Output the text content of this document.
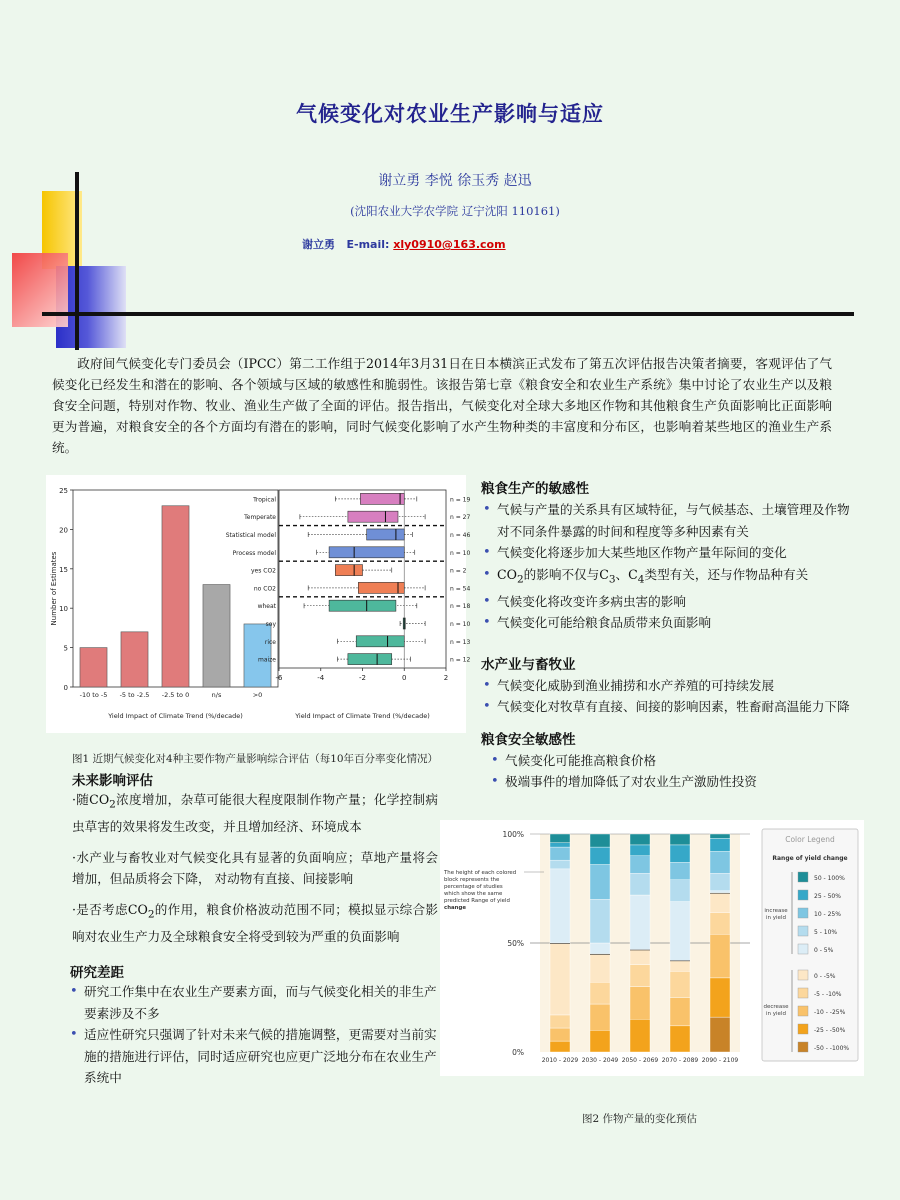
气候变化对农业生产影响与适应
谢立勇 李悦 徐玉秀 赵迅
(沈阳农业大学农学院 辽宁沈阳 110161)
谢立勇 E-mail: xly0910@163.com
政府间气候变化专门委员会（IPCC）第二工作组于2014年3月31日在日本横滨正式发布了第五次评估报告决策者摘要，客观评估了气候变化已经发生和潜在的影响、各个领域与区域的敏感性和脆弱性。该报告第七章《粮食安全和农业生产系统》集中讨论了农业生产以及粮食安全问题，特别对作物、牧业、渔业生产做了全面的评估。报告指出，气候变化对全球大多地区作物和其他粮食生产负面影响比正面影响更为普遍，对粮食安全的各个方面均有潜在的影响，同时气候变化影响了水产生物种类的丰富度和分布区，也影响着某些地区的渔业生产系统。
0
5
10
15
20
25
-10 to -5 -5 to -2.5 -2.5 to 0	n/s	>0
Yield Impact of Climate Trend (%/decade)
Number of Estimates
-6	-4	-2	0	2
Tropical	n = 19
Temperate	n = 27
Statistical model	n = 46
Process model	n = 10
yes CO2	n = 2
no CO2	n = 54
wheat	n = 18
soy	n = 10
rice	n = 13
maize	n = 12
Yield Impact of Climate Trend (%/decade)
图1 近期气候变化对4种主要作物产量影响综合评估（每10年百分率变化情况）
粮食生产的敏感性
• 气候与产量的关系具有区域特征，与气候基态、土壤管理及作物对不同条件暴露的时间和程度等多种因素有关
• 气候变化将逐步加大某些地区作物产量年际间的变化
• $CO_2$的影响不仅与$C_3$、$C_4$类型有关，还与作物品种有关
• 气候变化将改变许多病虫害的影响
• 气候变化可能给粮食品质带来负面影响
水产业与畜牧业
• 气候变化威胁到渔业捕捞和水产养殖的可持续发展
• 气候变化对牧草有直接、间接的影响因素，牲畜耐高温能力下降
粮食安全敏感性
• 气候变化可能推高粮食价格
• 极端事件的增加降低了对农业生产激励性投资
未来影响评估
·随$CO_2$浓度增加，杂草可能很大程度限制作物产量；化学控制病虫草害的效果将发生改变，并且增加经济、环境成本
·水产业与畜牧业对气候变化具有显著的负面响应；草地产量将会增加，但品质将会下降， 对动物有直接、间接影响
·是否考虑$CO_2$的作用，粮食价格波动范围不同；模拟显示综合影响对农业生产力及全球粮食安全将受到较为严重的负面影响
研究差距
• 研究工作集中在农业生产要素方面，而与气候变化相关的非生产要素涉及不多
• 适应性研究只强调了针对未来气候的措施调整，更需要对当前实施的措施进行评估，同时适应研究也应更广泛地分布在农业生产系统中
0%
50%
100%
2010 - 2029 2030 - 2049 2050 - 2069 2070 - 2089 2090 - 2109
The height of each colored block represents the percentage of studies which show the same predicted Range of yield change
Color Legend
Range of yield change
50 - 100%
25 - 50%
10 - 25%
5 - 10%
0 - 5%
increase in yield
0 - -5%
-5 - -10%
-10 - -25%
-25 - -50%
-50 - -100%
decrease in yield
图2 作物产量的变化预估
